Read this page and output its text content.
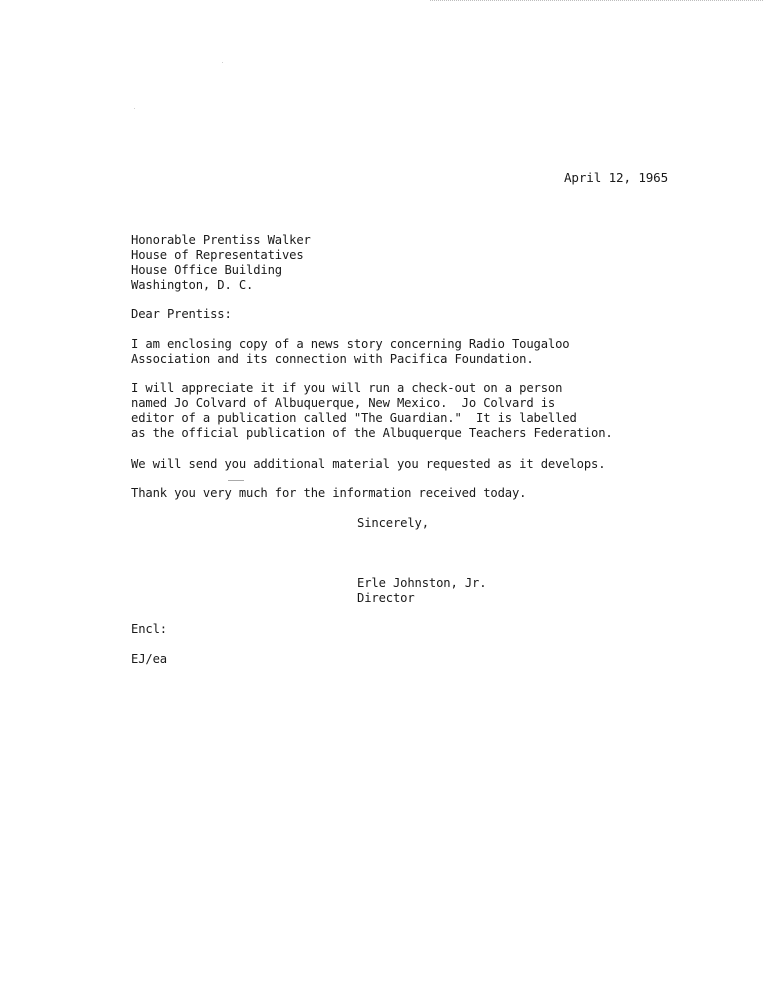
April 12, 1965
Honorable Prentiss Walker
House of Representatives
House Office Building
Washington, D. C.
Dear Prentiss:
I am enclosing copy of a news story concerning Radio Tougaloo
Association and its connection with Pacifica Foundation.
I will appreciate it if you will run a check-out on a person
named Jo Colvard of Albuquerque, New Mexico.  Jo Colvard is
editor of a publication called "The Guardian."  It is labelled
as the official publication of the Albuquerque Teachers Federation.
We will send you additional material you requested as it develops.
Thank you very much for the information received today.
Sincerely,
Erle Johnston, Jr.
Director
Encl:
EJ/ea
